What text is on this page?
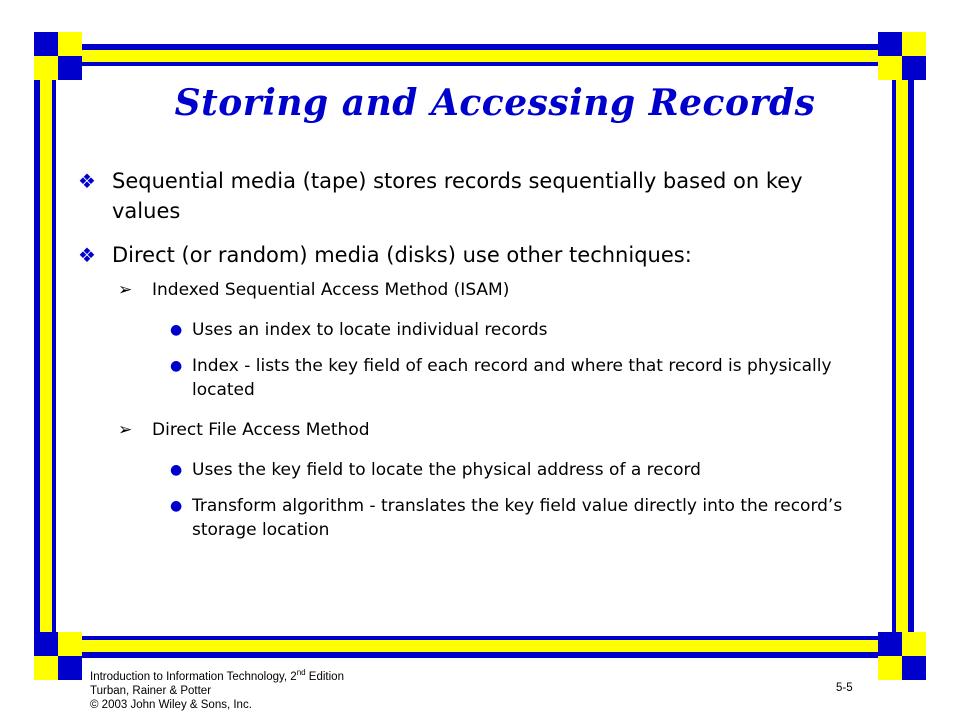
Storing and Accessing Records
❖ Sequential media (tape) stores records sequentially based on key values
❖ Direct (or random) media (disks) use other techniques:
➢ Indexed Sequential Access Method (ISAM)
● Uses an index to locate individual records
● Index - lists the key field of each record and where that record is physically located
➢ Direct File Access Method
● Uses the key field to locate the physical address of a record
● Transform algorithm - translates the key field value directly into the record’s storage location
Introduction to Information Technology, 2nd Edition
Turban, Rainer & Potter
© 2003 John Wiley & Sons, Inc.
5-5
